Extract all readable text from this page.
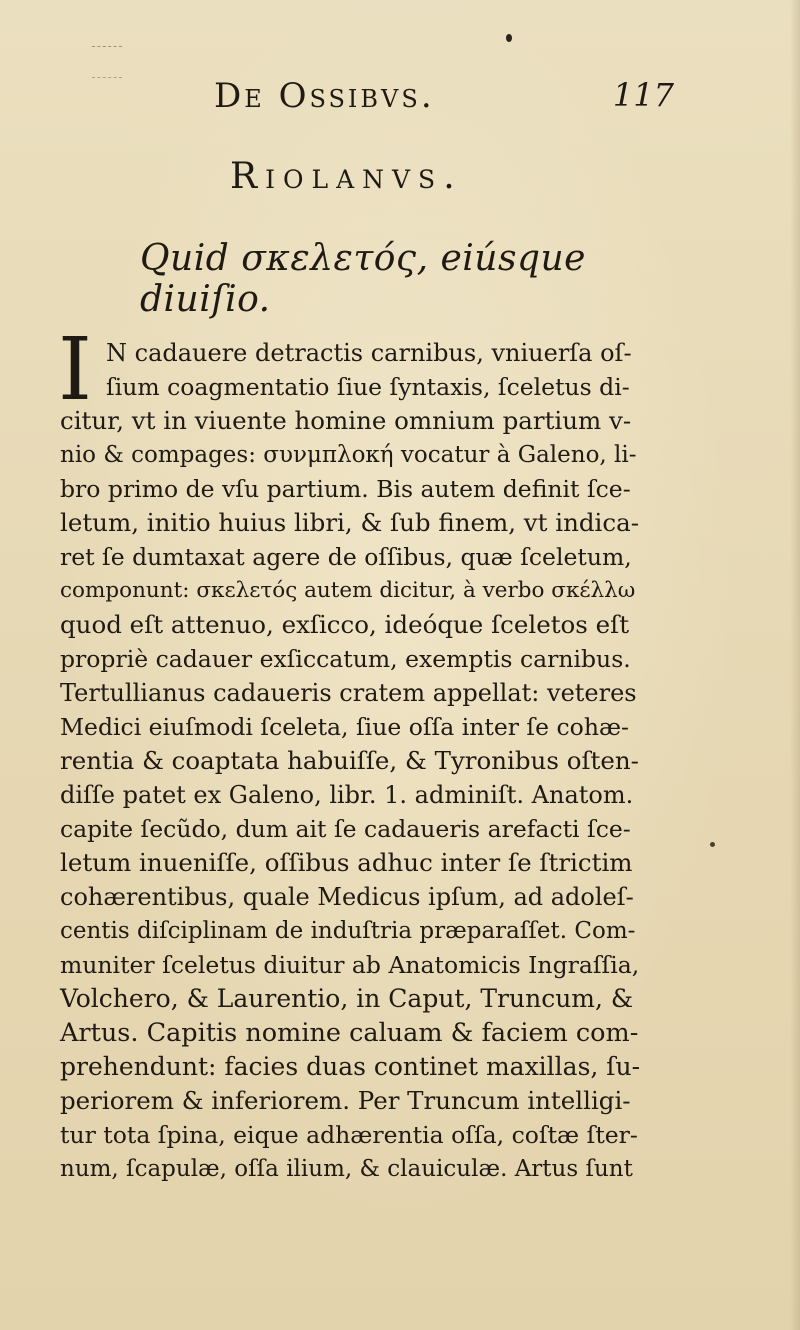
De Ossibvs.	117
Riolanvs.
Quid σκελετός, eiúsque diuiſio.
I N cadauere detractis carnibus, vniuerſa oſ-
ſium coagmentatio ſiue ſyntaxis, ſceletus di-
citur, vt in viuente homine omnium partium v-
nio & compages: συνμπλοκή vocatur à Galeno, li-
bro primo de vſu partium. Bis autem definit ſce-
letum, initio huius libri, & ſub finem, vt indica-
ret ſe dumtaxat agere de oſſibus, quæ ſceletum,
componunt: σκελετός autem dicitur, à verbo σκέλλω
quod eſt attenuo, exſicco, ideóque ſceletos eſt
propriè cadauer exſiccatum, exemptis carnibus.
Tertullianus cadaueris cratem appellat: veteres
Medici eiuſmodi ſceleta, ſiue oſſa inter ſe cohæ-
rentia & coaptata habuiſſe, & Tyronibus oſten-
diſſe patet ex Galeno, libr. 1. adminiſt. Anatom.
capite ſecũdo, dum ait ſe cadaueris arefacti ſce-
letum inueniſſe, oſſibus adhuc inter ſe ſtrictim
cohærentibus, quale Medicus ipſum, ad adoleſ-
centis diſciplinam de induſtria præparaſſet. Com-
muniter ſceletus diuitur ab Anatomicis Ingraſſia,
Volchero, & Laurentio, in Caput, Truncum, &
Artus. Capitis nomine caluam & faciem com-
prehendunt: facies duas continet maxillas, ſu-
periorem & inferiorem. Per Truncum intelligi-
tur tota ſpina, eique adhærentia oſſa, coſtæ ſter-
num, ſcapulæ, oſſa ilium, & clauiculæ. Artus ſunt
